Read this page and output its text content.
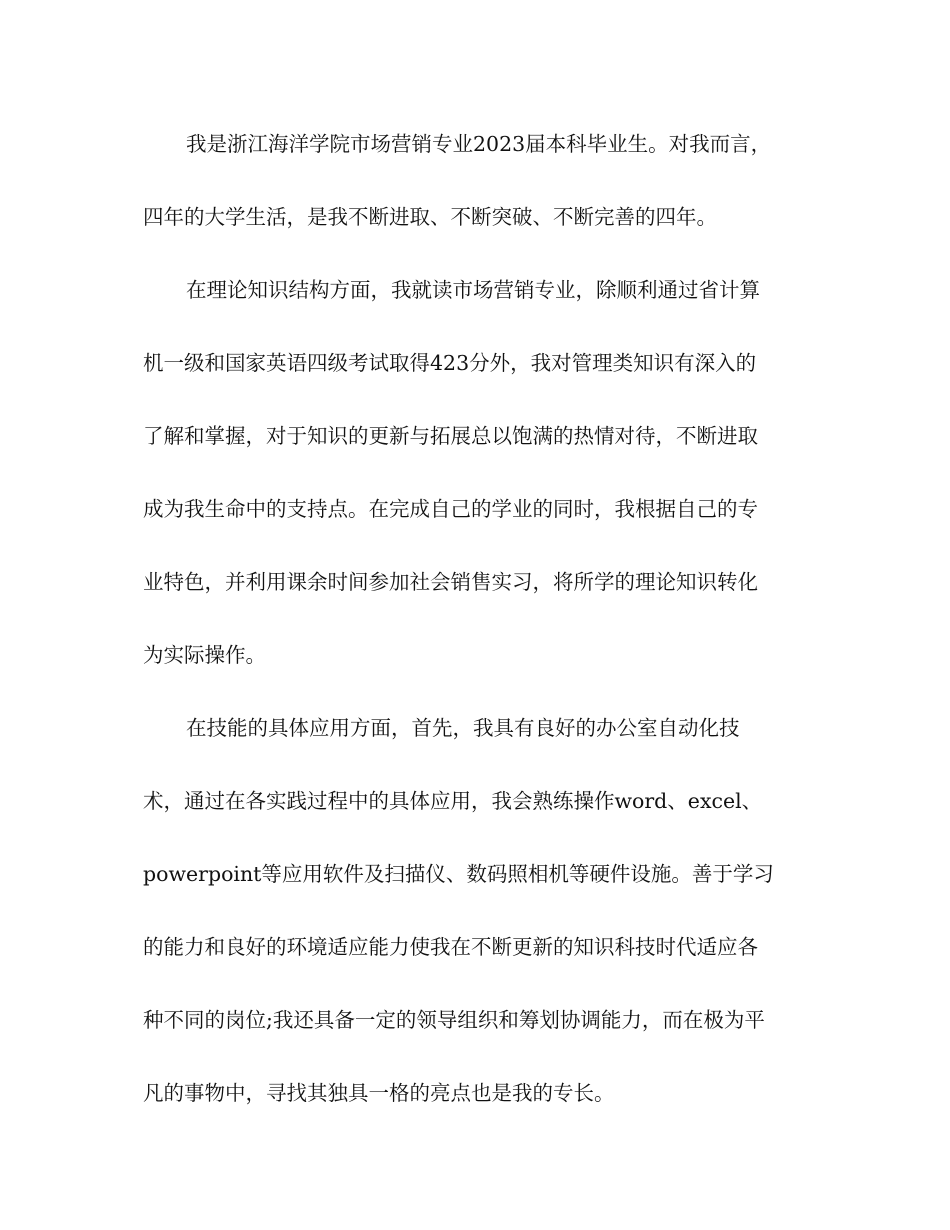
我是浙江海洋学院市场营销专业2023届本科毕业生。对我而言，
四年的大学生活，是我不断进取、不断突破、不断完善的四年。
在理论知识结构方面，我就读市场营销专业，除顺利通过省计算
机一级和国家英语四级考试取得423分外，我对管理类知识有深入的
了解和掌握，对于知识的更新与拓展总以饱满的热情对待，不断进取
成为我生命中的支持点。在完成自己的学业的同时，我根据自己的专
业特色，并利用课余时间参加社会销售实习，将所学的理论知识转化
为实际操作。
在技能的具体应用方面，首先，我具有良好的办公室自动化技
术，通过在各实践过程中的具体应用，我会熟练操作word、excel、
powerpoint等应用软件及扫描仪、数码照相机等硬件设施。善于学习
的能力和良好的环境适应能力使我在不断更新的知识科技时代适应各
种不同的岗位;我还具备一定的领导组织和筹划协调能力，而在极为平
凡的事物中，寻找其独具一格的亮点也是我的专长。
